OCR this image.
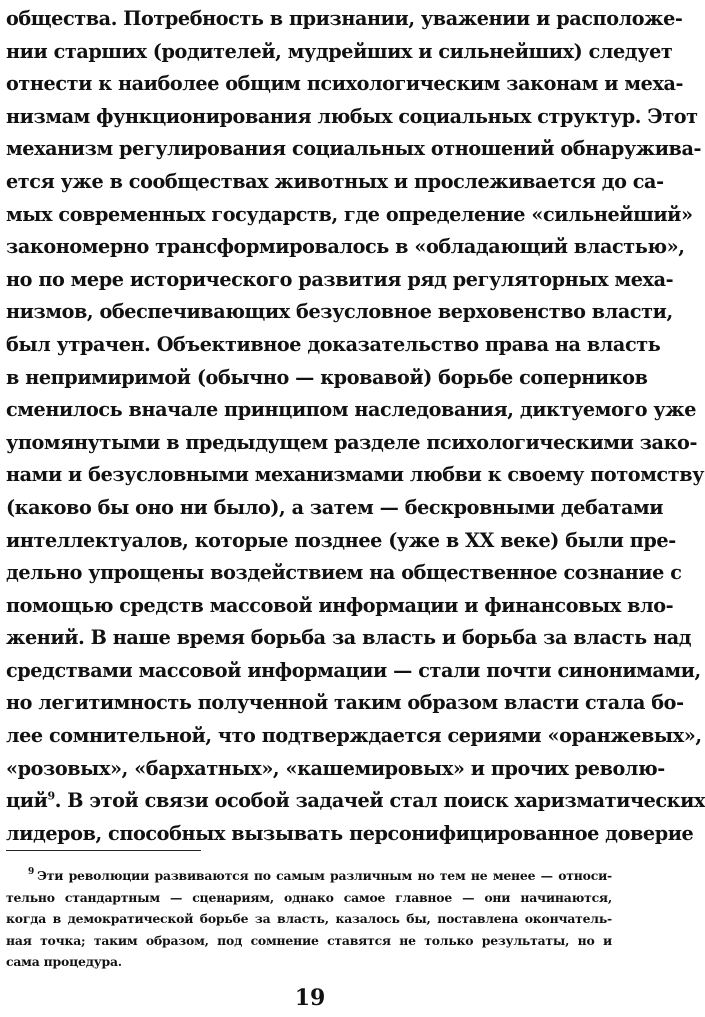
общества. Потребность в признании, уважении и расположе-
нии старших (родителей, мудрейших и сильнейших) следует
отнести к наиболее общим психологическим законам и меха-
низмам функционирования любых социальных структур. Этот
механизм регулирования социальных отношений обнаружива-
ется уже в сообществах животных и прослеживается до са-
мых современных государств, где определение «сильнейший»
закономерно трансформировалось в «обладающий властью»,
но по мере исторического развития ряд регуляторных меха-
низмов, обеспечивающих безусловное верховенство власти,
был утрачен. Объективное доказательство права на власть
в непримиримой (обычно — кровавой) борьбе соперников
сменилось вначале принципом наследования, диктуемого уже
упомянутыми в предыдущем разделе психологическими зако-
нами и безусловными механизмами любви к своему потомству
(каково бы оно ни было), а затем — бескровными дебатами
интеллектуалов, которые позднее (уже в XX веке) были пре-
дельно упрощены воздействием на общественное сознание с
помощью средств массовой информации и финансовых вло-
жений. В наше время борьба за власть и борьба за власть над
средствами массовой информации — стали почти синонимами,
но легитимность полученной таким образом власти стала бо-
лее сомнительной, что подтверждается сериями «оранжевых»,
«розовых», «бархатных», «кашемировых» и прочих револю-
ций$^9$. В этой связи особой задачей стал поиск харизматических
лидеров, способных вызывать персонифицированное доверие
9 Эти революции развиваются по самым различным но тем не менее — относи-
тельно стандартным — сценариям, однако самое главное — они начинаются,
когда в демократической борьбе за власть, казалось бы, поставлена окончатель-
ная точка; таким образом, под сомнение ставятся не только результаты, но и
сама процедура.
19
